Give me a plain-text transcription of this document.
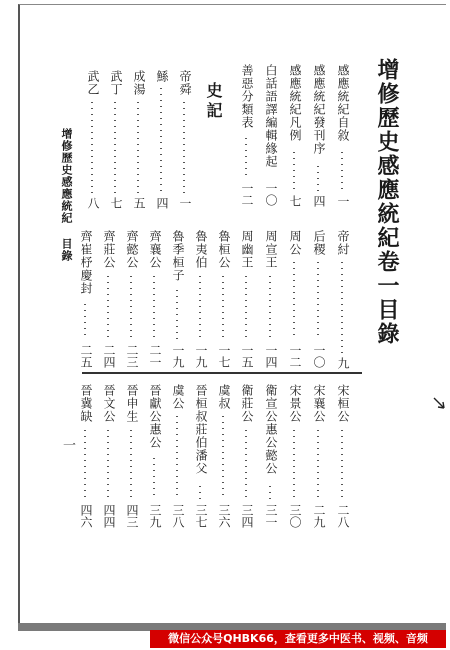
增修歷史感應統紀卷一目錄
增修歷史感應統紀 目錄
一
史記	感應統紀自敘
一
感應統紀發刊序
四
感應統紀凡例
七
白話語譯編輯緣起
一〇
善惡分類表
一二
帝舜
一
鯀
四
成湯
五
武丁
七
武乙
八
帝紂
九
后稷
一〇
周公
一二
周宣王
一四
周幽王
一五
魯桓公
一七
魯夷伯
一九
魯季桓子
一九
齊襄公
二一
齊懿公
二三
齊莊公
二四
齊崔杼慶封
二五
宋桓公
二八
宋襄公
二九
宋景公
三〇
衛宣公惠公懿公
三一
衛莊公
三四
虞叔
三六
晉桓叔莊伯潘父
三七
虞公
三八
晉獻公惠公
三九
晉申生
四三
晉文公
四四
晉冀缺
四六
微信公众号QHBK66，查看更多中医书、视频、音频
